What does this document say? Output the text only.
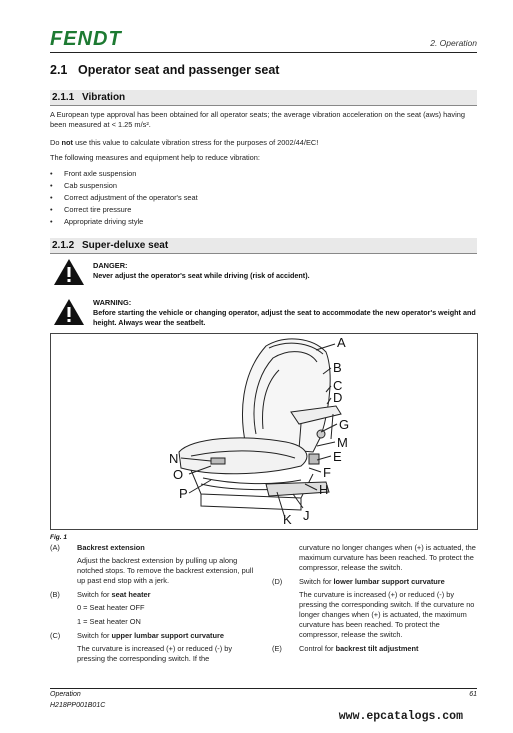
FENDT	2. Operation
2.1 Operator seat and passenger seat
2.1.1 Vibration
A European type approval has been obtained for all operator seats; the average vibration acceleration on the seat (aws) having been measured at < 1.25 m/s².
Do not use this value to calculate vibration stress for the purposes of 2002/44/EC!
The following measures and equipment help to reduce vibration:
• Front axle suspension
• Cab suspension
• Correct adjustment of the operator's seat
• Correct tire pressure
• Appropriate driving style
2.1.2 Super-deluxe seat
DANGER:
Never adjust the operator's seat while driving (risk of accident).
WARNING:
Before starting the vehicle or changing operator, adjust the seat to accommodate the new operator's weight and height. Always wear the seatbelt.
A
B
C
D
G
M
E
F
H
J
K
P
O
N
Fig. 1
(A) Backrest extension
Adjust the backrest extension by pulling up along notched stops. To remove the backrest extension, pull up past end stop with a jerk.
(B) Switch for seat heater
0 = Seat heater OFF
1 = Seat heater ON
(C) Switch for upper lumbar support curvature
The curvature is increased (+) or reduced (-) by pressing the corresponding switch. If the
curvature no longer changes when (+) is actuated, the maximum curvature has been reached. To protect the compressor, release the switch.
(D) Switch for lower lumbar support curvature
The curvature is increased (+) or reduced (-) by pressing the corresponding switch. If the curvature no longer changes when (+) is actuated, the maximum curvature has been reached. To protect the compressor, release the switch.
(E) Control for backrest tilt adjustment
Operation
H218PP001B01C
61
www.epcatalogs.com
